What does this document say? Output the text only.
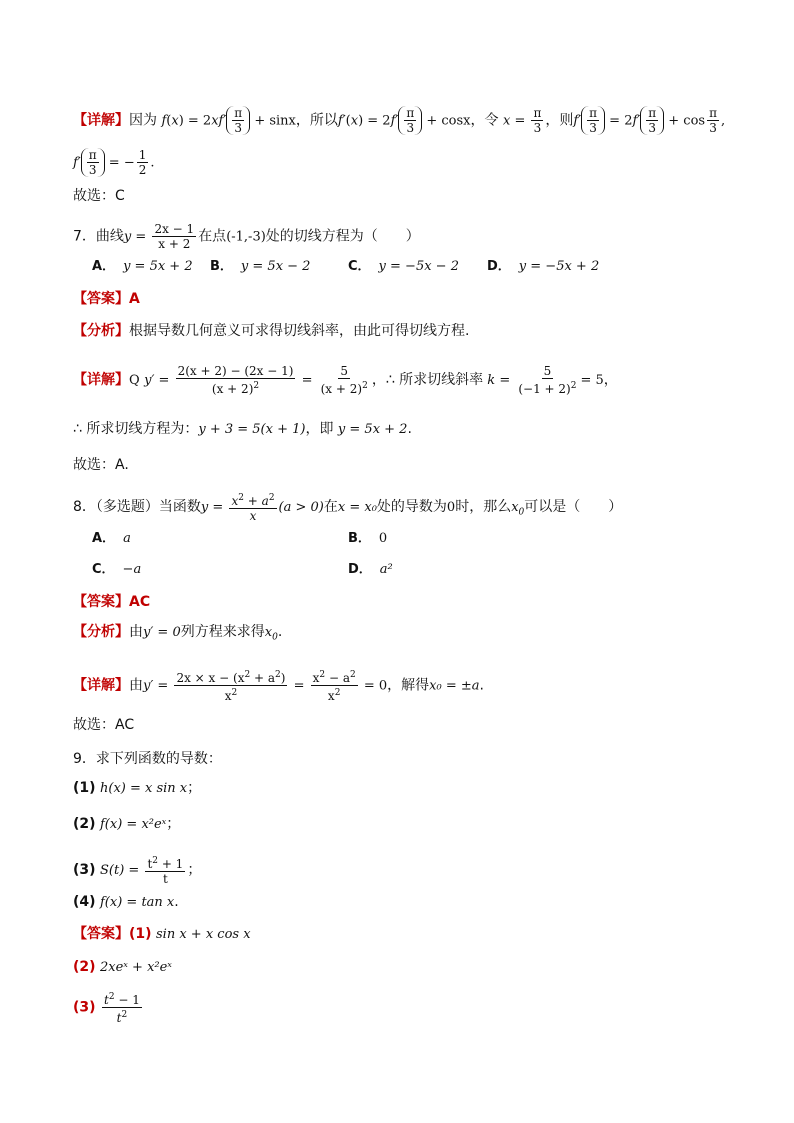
【详解】因为 $f(x) = 2xf' \frac{\pi}{3} + \sin x$，所以$f'(x) = 2f' \frac{\pi}{3} + \cos x$，令 $x = \frac{\pi}{3}$ ，则$f' \frac{\pi}{3} = 2f' \frac{\pi}{3} + \cos \frac{\pi}{3}$ ,
$f' \frac{\pi}{3}$ = − $\frac{1}{2}$ .
故选：C
7．曲线$y = \frac{2x - 1}{x + 2}$ 在点(-1,-3)处的切线方程为（　　）
A． y = 5x + 2 B． y = 5x − 2	C． y = −5x − 2 D． y = −5x + 2
【答案】A
【分析】根据导数几何意义可求得切线斜率，由此可得切线方程.
【详解】Q $y' = \frac{2(x + 2) - (2x - 1)}{(x + 2)^2} = \frac{5}{(x + 2)^2}$ ，∴ 所求切线斜率 $k = \frac{5}{(-1 + 2)^2} = 5$，
∴ 所求切线方程为：y + 3 = 5(x + 1)，即 y = 5x + 2.
故选：A.
8．（多选题）当函数$y = \frac{x^2 + a^2}{x} (a > 0)$在x = x₀处的导数为0时，那么$x_0$可以是（　　）
A． a	B． 0
C． −a	D． a²
【答案】AC
【分析】由y′ = 0列方程来求得$x_0$.
【详解】由$y' = \frac{2x \times x - (x^2 + a^2)}{x^2} = \frac{x^2 - a^2}{x^2} = 0$，解得x₀ = ±a.
故选：AC
9．求下列函数的导数：
(1) h(x) = x sin x；
(2) f(x) = x²eˣ；
(3) $S(t) = \frac{t^2 + 1}{t}$ ；
(4) f(x) = tan x.
【答案】(1) sin x + x cos x
(2) 2xeˣ + x²eˣ
$(3) \frac{t^2 - 1}{t^2}$
